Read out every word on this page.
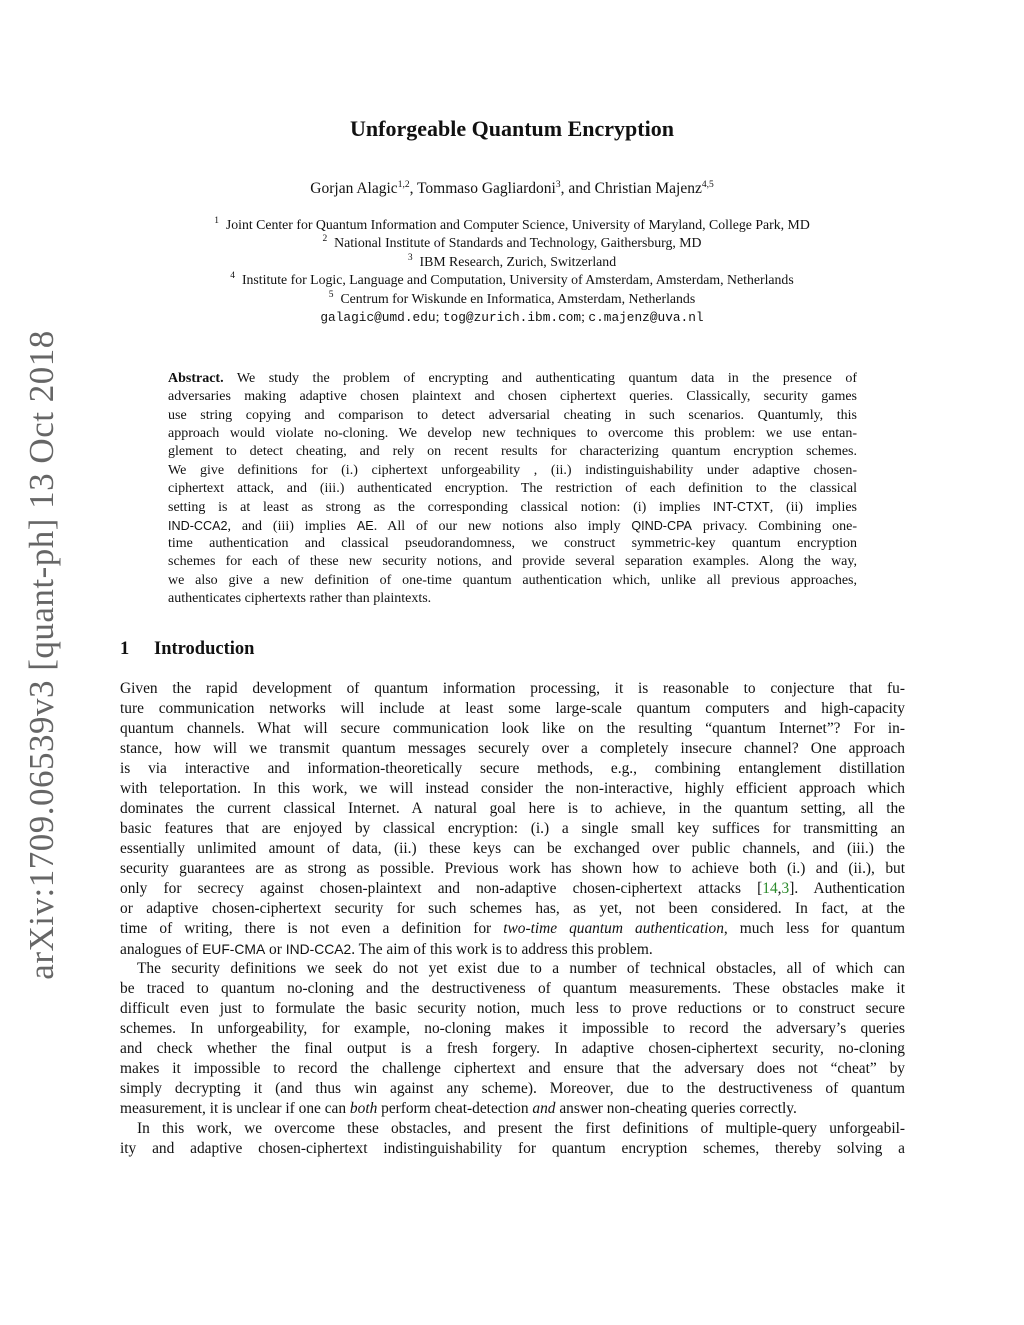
arXiv:1709.06539v3 [quant-ph] 13 Oct 2018
Unforgeable Quantum Encryption
Gorjan Alagic$^{1,2}$, Tommaso Gagliardoni$^3$, and Christian Majenz$^{4,5}$
$^1$ Joint Center for Quantum Information and Computer Science, University of Maryland, College Park, MD
$^2$ National Institute of Standards and Technology, Gaithersburg, MD
$^3$ IBM Research, Zurich, Switzerland
$^4$ Institute for Logic, Language and Computation, University of Amsterdam, Amsterdam, Netherlands
$^5$ Centrum for Wiskunde en Informatica, Amsterdam, Netherlands
galagic@umd.edu; tog@zurich.ibm.com; c.majenz@uva.nl
Abstract. We study the problem of encrypting and authenticating quantum data in the presence of
adversaries making adaptive chosen plaintext and chosen ciphertext queries. Classically, security games
use string copying and comparison to detect adversarial cheating in such scenarios. Quantumly, this
approach would violate no-cloning. We develop new techniques to overcome this problem: we use entan-
glement to detect cheating, and rely on recent results for characterizing quantum encryption schemes.
We give definitions for (i.) ciphertext unforgeability , (ii.) indistinguishability under adaptive chosen-
ciphertext attack, and (iii.) authenticated encryption. The restriction of each definition to the classical
setting is at least as strong as the corresponding classical notion: (i) implies INT-CTXT, (ii) implies
IND-CCA2, and (iii) implies AE. All of our new notions also imply QIND-CPA privacy. Combining one-
time authentication and classical pseudorandomness, we construct symmetric-key quantum encryption
schemes for each of these new security notions, and provide several separation examples. Along the way,
we also give a new definition of one-time quantum authentication which, unlike all previous approaches,
authenticates ciphertexts rather than plaintexts.
1 Introduction
Given the rapid development of quantum information processing, it is reasonable to conjecture that fu-
ture communication networks will include at least some large-scale quantum computers and high-capacity
quantum channels. What will secure communication look like on the resulting “quantum Internet”? For in-
stance, how will we transmit quantum messages securely over a completely insecure channel? One approach
is via interactive and information-theoretically secure methods, e.g., combining entanglement distillation
with teleportation. In this work, we will instead consider the non-interactive, highly efficient approach which
dominates the current classical Internet. A natural goal here is to achieve, in the quantum setting, all the
basic features that are enjoyed by classical encryption: (i.) a single small key suffices for transmitting an
essentially unlimited amount of data, (ii.) these keys can be exchanged over public channels, and (iii.) the
security guarantees are as strong as possible. Previous work has shown how to achieve both (i.) and (ii.), but
only for secrecy against chosen-plaintext and non-adaptive chosen-ciphertext attacks [14,3]. Authentication
or adaptive chosen-ciphertext security for such schemes has, as yet, not been considered. In fact, at the
time of writing, there is not even a definition for two-time quantum authentication, much less for quantum
analogues of EUF-CMA or IND-CCA2. The aim of this work is to address this problem.
The security definitions we seek do not yet exist due to a number of technical obstacles, all of which can
be traced to quantum no-cloning and the destructiveness of quantum measurements. These obstacles make it
difficult even just to formulate the basic security notion, much less to prove reductions or to construct secure
schemes. In unforgeability, for example, no-cloning makes it impossible to record the adversary’s queries
and check whether the final output is a fresh forgery. In adaptive chosen-ciphertext security, no-cloning
makes it impossible to record the challenge ciphertext and ensure that the adversary does not “cheat” by
simply decrypting it (and thus win against any scheme). Moreover, due to the destructiveness of quantum
measurement, it is unclear if one can both perform cheat-detection and answer non-cheating queries correctly.
In this work, we overcome these obstacles, and present the first definitions of multiple-query unforgeabil-
ity and adaptive chosen-ciphertext indistinguishability for quantum encryption schemes, thereby solving a
